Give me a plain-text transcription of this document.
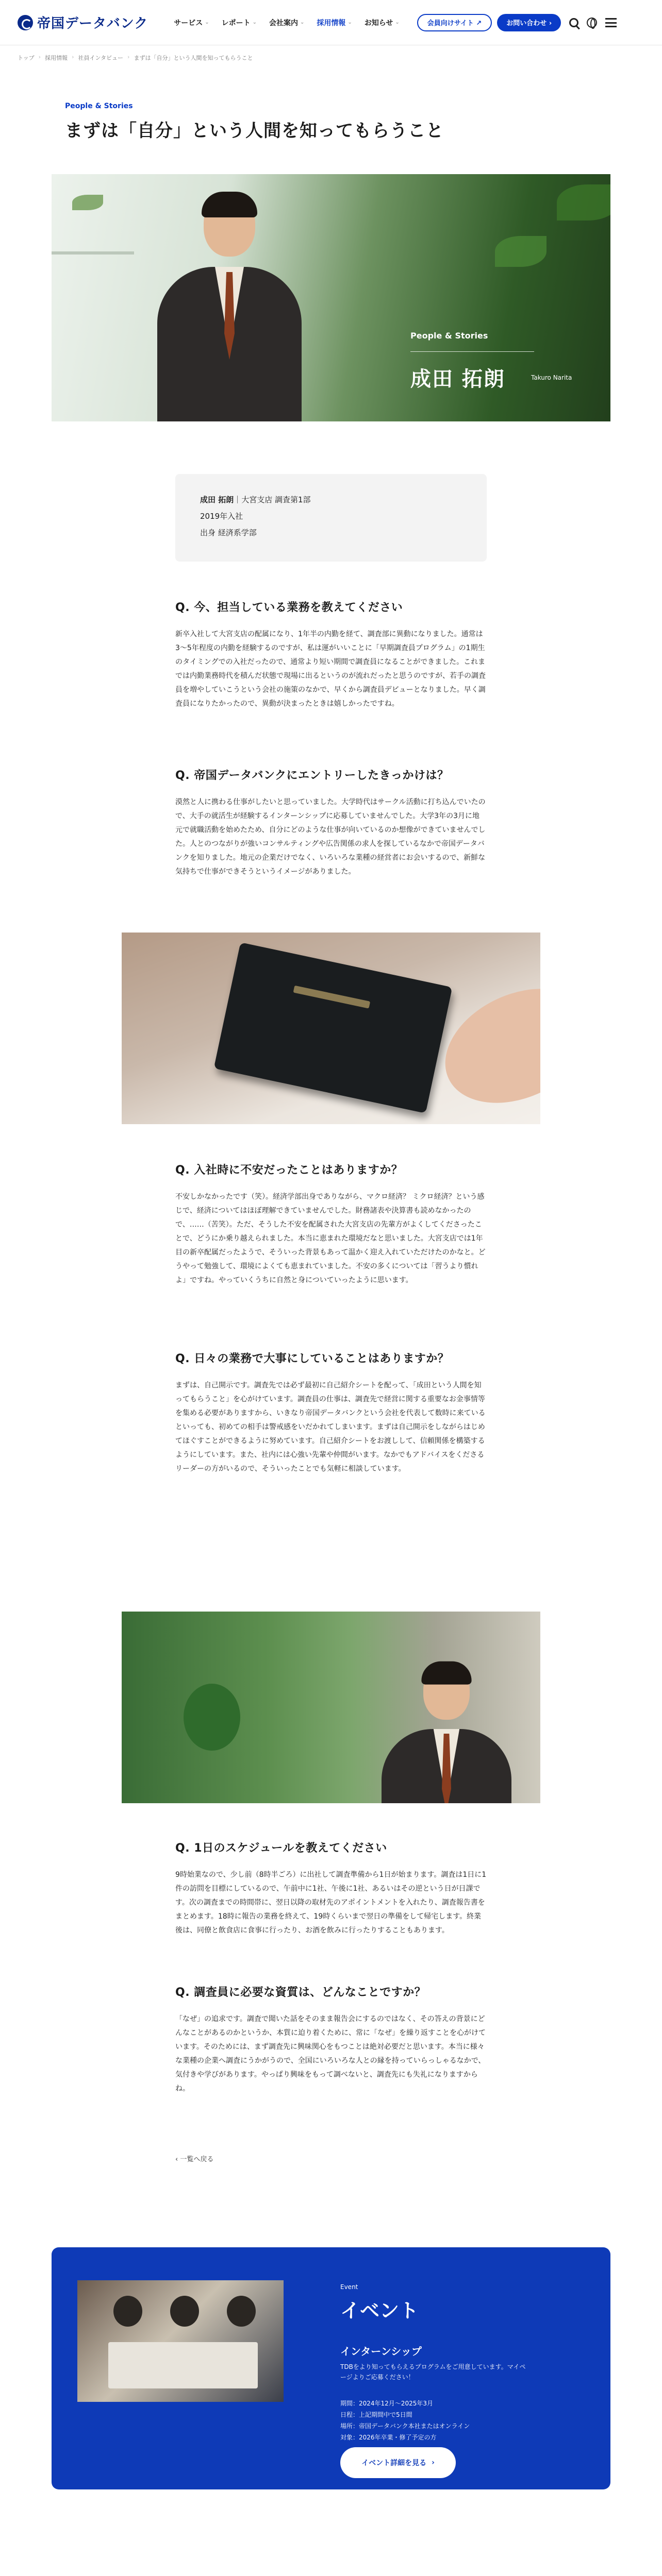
帝国データバンク	サービス ⌄ レポート ⌄ 会社案内 ⌄ 採用情報 ⌄ お知らせ ⌄	会員向けサイト ↗	お問い合わせ ›
トップ › 採用情報 › 社員インタビュー › まずは「自分」という人間を知ってもらうこと
People & Stories
まずは「自分」という人間を知ってもらうこと
People & Stories
成田 拓朗	Takuro Narita
成田 拓朗｜大宮支店 調査第1部
2019年入社
出身 経済系学部
Q. 今、担当している業務を教えてください

新卒入社して大宮支店の配属になり、1年半の内勤を経て、調査部に異動になりました。通常は3〜5年程度の内勤を経験するのですが、私は運がいいことに「早期調査員プログラム」の1期生のタイミングでの入社だったので、通常より短い期間で調査員になることができました。これまでは内勤業務時代を積んだ状態で現場に出るというのが流れだったと思うのですが、若手の調査員を増やしていこうという会社の施策のなかで、早くから調査員デビューとなりました。早く調査員になりたかったので、異動が決まったときは嬉しかったですね。

Q. 帝国データバンクにエントリーしたきっかけは？

漠然と人に携わる仕事がしたいと思っていました。大学時代はサークル活動に打ち込んでいたので、大手の就活生が経験するインターンシップに応募していませんでした。大学3年の3月に地元で就職活動を始めたため、自分にどのような仕事が向いているのか想像ができていませんでした。人とのつながりが強いコンサルティングや広告関係の求人を探しているなかで帝国データバンクを知りました。地元の企業だけでなく、いろいろな業種の経営者にお会いするので、新鮮な気持ちで仕事ができそうというイメージがありました。

Q. 入社時に不安だったことはありますか？

不安しかなかったです（笑）。経済学部出身でありながら、マクロ経済？ ミクロ経済？という感じで、経済についてはほぼ理解できていませんでした。財務諸表や決算書も読めなかったので、……（苦笑）。ただ、そうした不安を配属された大宮支店の先輩方がよくしてくださったことで、どうにか乗り越えられました。本当に恵まれた環境だなと思いました。大宮支店では1年目の新卒配属だったようで、そういった背景もあって温かく迎え入れていただけたのかなと。どうやって勉強して、環境によくても恵まれていました。不安の多くについては「習うより慣れよ」ですね。やっていくうちに自然と身についていったように思います。

Q. 日々の業務で大事にしていることはありますか？

まずは、自己開示です。調査先では必ず最初に自己紹介シートを配って、「成田という人間を知ってもらうこと」を心がけています。調査員の仕事は、調査先で経営に関する重要なお金事情等を集める必要がありますから、いきなり帝国データバンクという会社を代表して数時に来ているといっても、初めての相手は警戒感をいだかれてしまいます。まずは自己開示をしながらはじめてほぐすことができるように努めています。自己紹介シートをお渡しして、信頼関係を構築するようにしています。また、社内には心強い先輩や仲間がいます。なかでもアドバイスをくださるリーダーの方がいるので、そういったことでも気軽に相談しています。

Q. 1日のスケジュールを教えてください

9時始業なので、少し前（8時半ごろ）に出社して調査準備から1日が始まります。調査は1日に1件の訪問を目標にしているので、午前中に1社、午後に1社、あるいはその逆という日が日課です。次の調査までの時間帯に、翌日以降の取材先のアポイントメントを入れたり、調査報告書をまとめます。18時に報告の業務を終えて、19時くらいまで翌日の準備をして帰宅します。終業後は、同僚と飲食店に食事に行ったり、お酒を飲みに行ったりすることもあります。

Q. 調査員に必要な資質は、どんなことですか？

「なぜ」の追求です。調査で聞いた話をそのまま報告会にするのではなく、その答えの背景にどんなことがあるのかというか、本質に迫り着くために、常に「なぜ」を繰り返すことを心がけています。そのためには、まず調査先に興味関心をもつことは絶対必要だと思います。本当に様々な業種の企業へ調査にうかがうので、全国にいろいろな人との縁を持っていらっしゃるなかで、気付きや学びがあります。やっぱり興味をもって調べないと、調査先にも失礼になりますからね。

‹ 一覧へ戻る
Event
イベント
インターンシップ
TDBをより知ってもらえるプログラムをご用意しています。マイページよりご応募ください！
期間：2024年12月〜2025年3月
日程：上記期間中で5日間
場所：帝国データバンク本社またはオンライン
対象：2026年卒業・修了予定の方
イベント詳細を見る ›
